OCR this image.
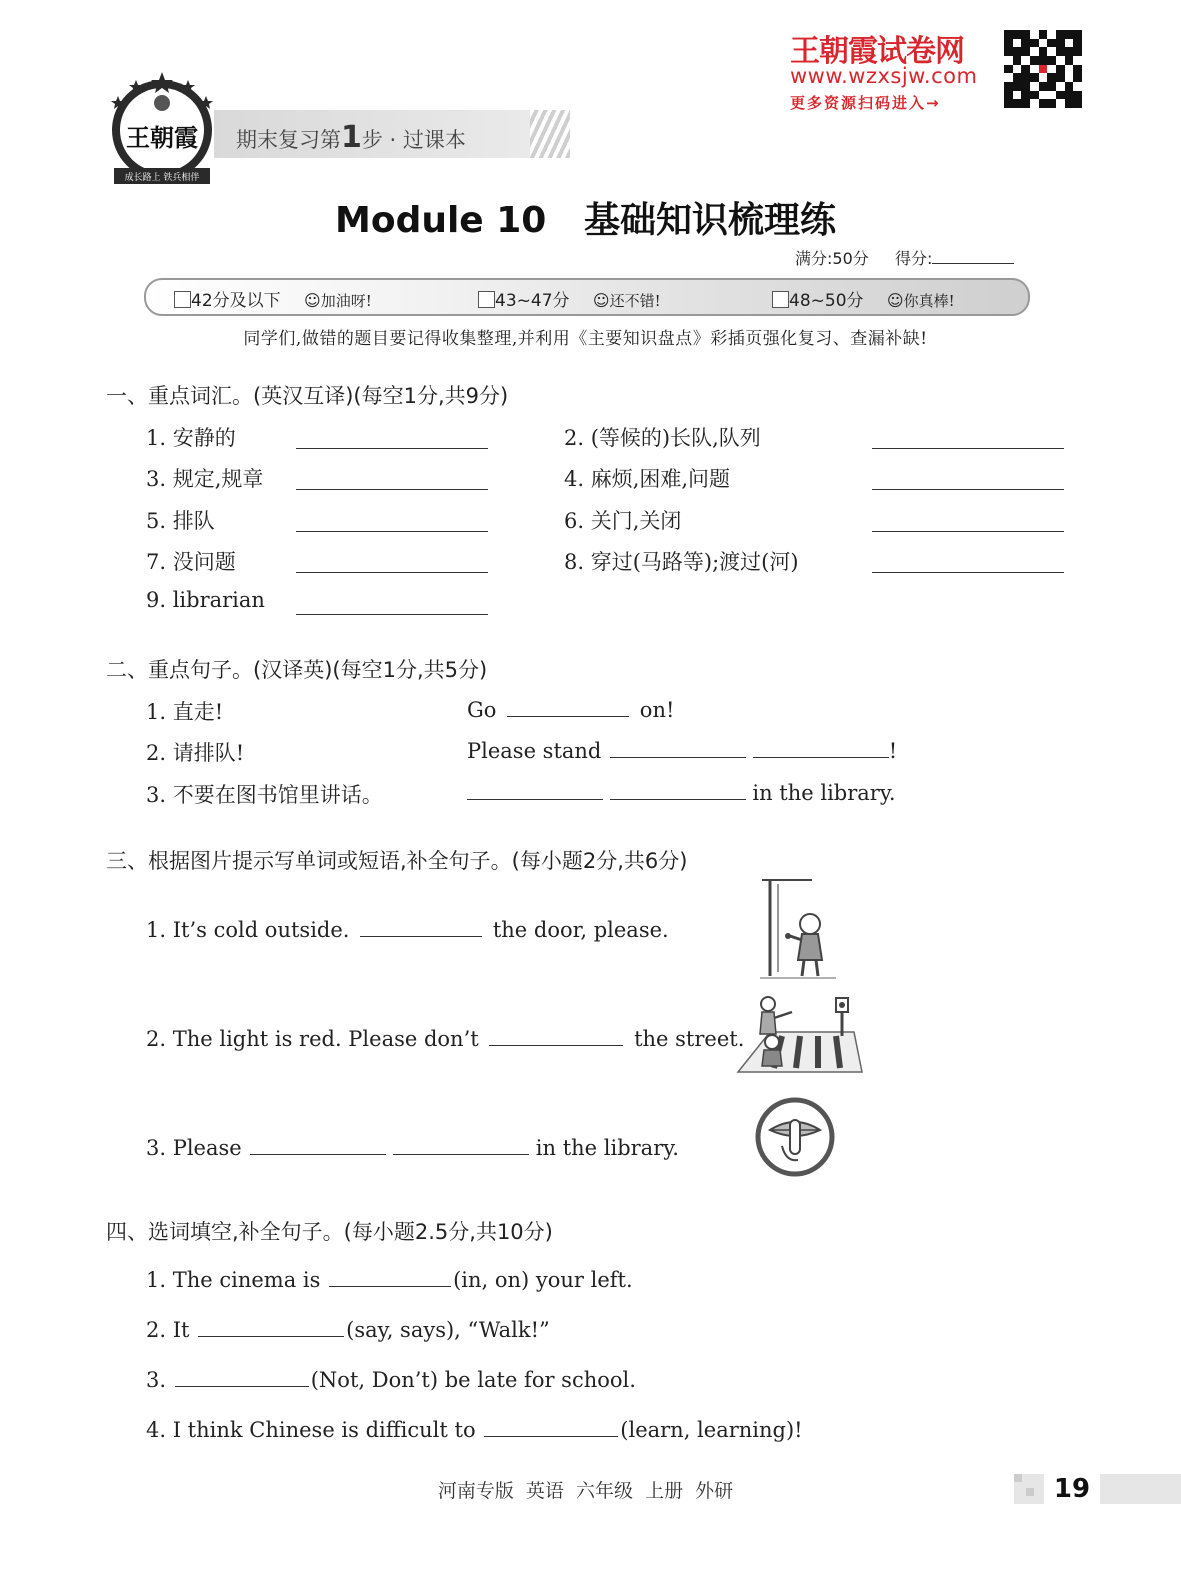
王朝霞
成长路上 铁兵相伴
期末复习第1步 · 过课本
王朝霞试卷网
www.wzxsjw.com
更多资源扫码进入→
Module 10   基础知识梳理练
满分:50分 得分:
42分及以下 ☺加油呀!	43~47分 ☺还不错!	48~50分 ☺你真棒!
同学们,做错的题目要记得收集整理,并利用《主要知识盘点》彩插页强化复习、查漏补缺!
一、重点词汇。(英汉互译)(每空1分,共9分)
1. 安静的	2. (等候的)长队,队列
3. 规定,规章	4. 麻烦,困难,问题
5. 排队	6. 关门,关闭
7. 没问题	8. 穿过(马路等);渡过(河)
9. librarian
二、重点句子。(汉译英)(每空1分,共5分)
1. 直走!	Go	on!
2. 请排队!	Please stand	!
3. 不要在图书馆里讲话。	in the library.
三、根据图片提示写单词或短语,补全句子。(每小题2分,共6分)
1. It’s cold outside.	the door, please.
2. The light is red. Please don’t	the street.
3. Please	in the library.
四、选词填空,补全句子。(每小题2.5分,共10分)
1. The cinema is	(in, on) your left.
2. It	(say, says), “Walk!”
3.	(Not, Don’t) be late for school.
4. I think Chinese is difficult to	(learn, learning)!
河南专版  英语  六年级  上册  外研	19
